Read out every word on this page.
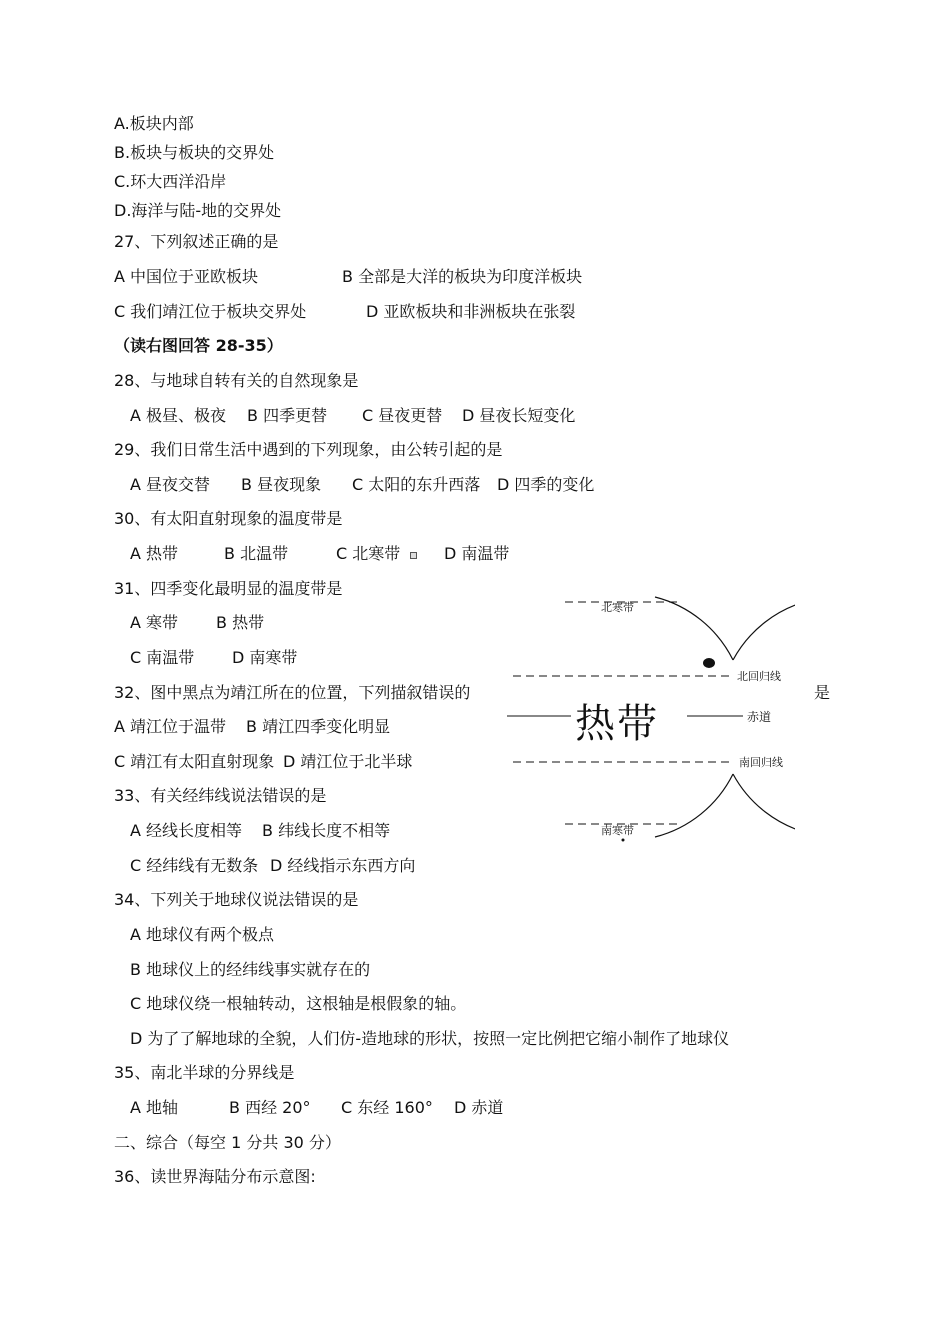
A.板块内部
B.板块与板块的交界处
C.环大西洋沿岸
D.海洋与陆-地的交界处
27、下列叙述正确的是
A 中国位于亚欧板块	B 全部是大洋的板块为印度洋板块
C 我们靖江位于板块交界处	D 亚欧板块和非洲板块在张裂
（读右图回答 28-35）
28、与地球自转有关的自然现象是
A 极昼、极夜 B 四季更替 C 昼夜更替 D 昼夜长短变化
29、我们日常生活中遇到的下列现象，由公转引起的是
A 昼夜交替 B 昼夜现象 C 太阳的东升西落 D 四季的变化
30、有太阳直射现象的温度带是
A 热带	B 北温带	C 北寒带	D 南温带
31、四季变化最明显的温度带是
A 寒带 B 热带
C 南温带 D 南寒带
32、图中黑点为靖江所在的位置，下列描叙错误的	是
A 靖江位于温带 B 靖江四季变化明显
C 靖江有太阳直射现象 D 靖江位于北半球
33、有关经纬线说法错误的是
A 经线长度相等 B 纬线长度不相等
C 经纬线有无数条 D 经线指示东西方向
34、下列关于地球仪说法错误的是
A 地球仪有两个极点
B 地球仪上的经纬线事实就存在的
C 地球仪绕一根轴转动，这根轴是根假象的轴。
D 为了了解地球的全貌，人们仿-造地球的形状，按照一定比例把它缩小制作了地球仪
35、南北半球的分界线是
A 地轴	B 西经 20° C 东经 160° D 赤道
二、综合（每空 1 分共 30 分）
36、读世界海陆分布示意图:
北寒带
北回归线
赤道
南回归线
南寒带
热带
